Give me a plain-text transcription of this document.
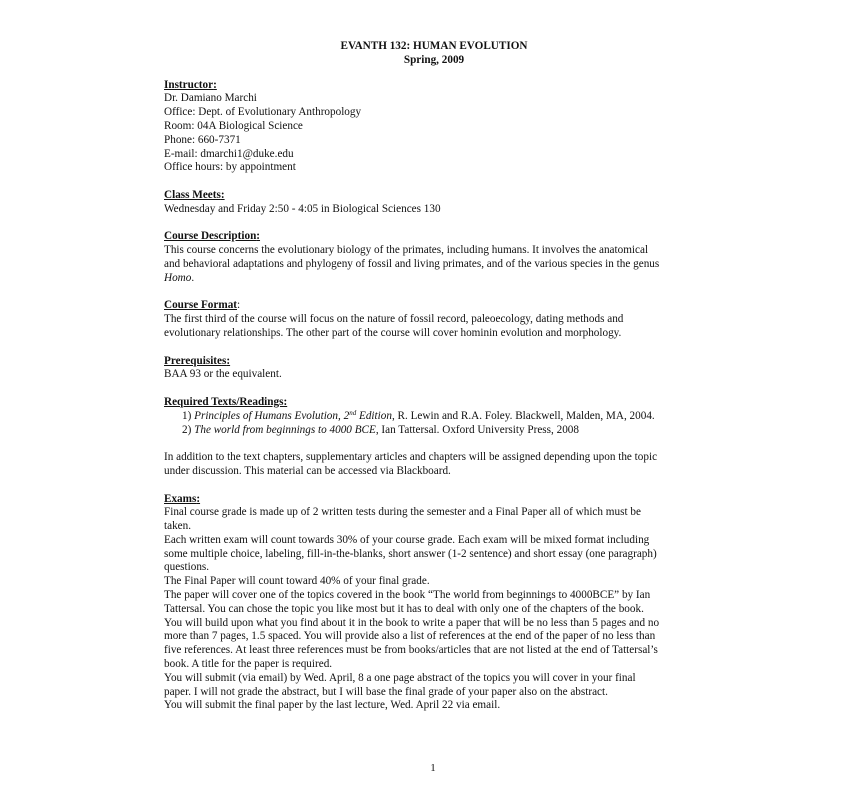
EVANTH 132: HUMAN EVOLUTION
Spring, 2009
Instructor:
Dr. Damiano Marchi
Office: Dept. of Evolutionary Anthropology
Room: 04A Biological Science
Phone: 660-7371
E-mail: dmarchi1@duke.edu
Office hours: by appointment
Class Meets:
Wednesday and Friday 2:50 - 4:05 in Biological Sciences 130
Course Description:
This course concerns the evolutionary biology of the primates, including humans. It involves the anatomical
and behavioral adaptations and phylogeny of fossil and living primates, and of the various species in the genus
Homo.
Course Format:
The first third of the course will focus on the nature of fossil record, paleoecology, dating methods and
evolutionary relationships. The other part of the course will cover hominin evolution and morphology.
Prerequisites:
BAA 93 or the equivalent.
Required Texts/Readings:
1) Principles of Humans Evolution, 2nd Edition, R. Lewin and R.A. Foley. Blackwell, Malden, MA, 2004.
2) The world from beginnings to 4000 BCE, Ian Tattersal. Oxford University Press, 2008
In addition to the text chapters, supplementary articles and chapters will be assigned depending upon the topic
under discussion. This material can be accessed via Blackboard.
Exams:
Final course grade is made up of 2 written tests during the semester and a Final Paper all of which must be
taken.
Each written exam will count towards 30% of your course grade. Each exam will be mixed format including
some multiple choice, labeling, fill-in-the-blanks, short answer (1-2 sentence) and short essay (one paragraph)
questions.
The Final Paper will count toward 40% of your final grade.
The paper will cover one of the topics covered in the book “The world from beginnings to 4000BCE” by Ian
Tattersal. You can chose the topic you like most but it has to deal with only one of the chapters of the book.
You will build upon what you find about it in the book to write a paper that will be no less than 5 pages and no
more than 7 pages, 1.5 spaced. You will provide also a list of references at the end of the paper of no less than
five references. At least three references must be from books/articles that are not listed at the end of Tattersal’s
book. A title for the paper is required.
You will submit (via email) by Wed. April, 8 a one page abstract of the topics you will cover in your final
paper. I will not grade the abstract, but I will base the final grade of your paper also on the abstract.
You will submit the final paper by the last lecture, Wed. April 22 via email.
1
